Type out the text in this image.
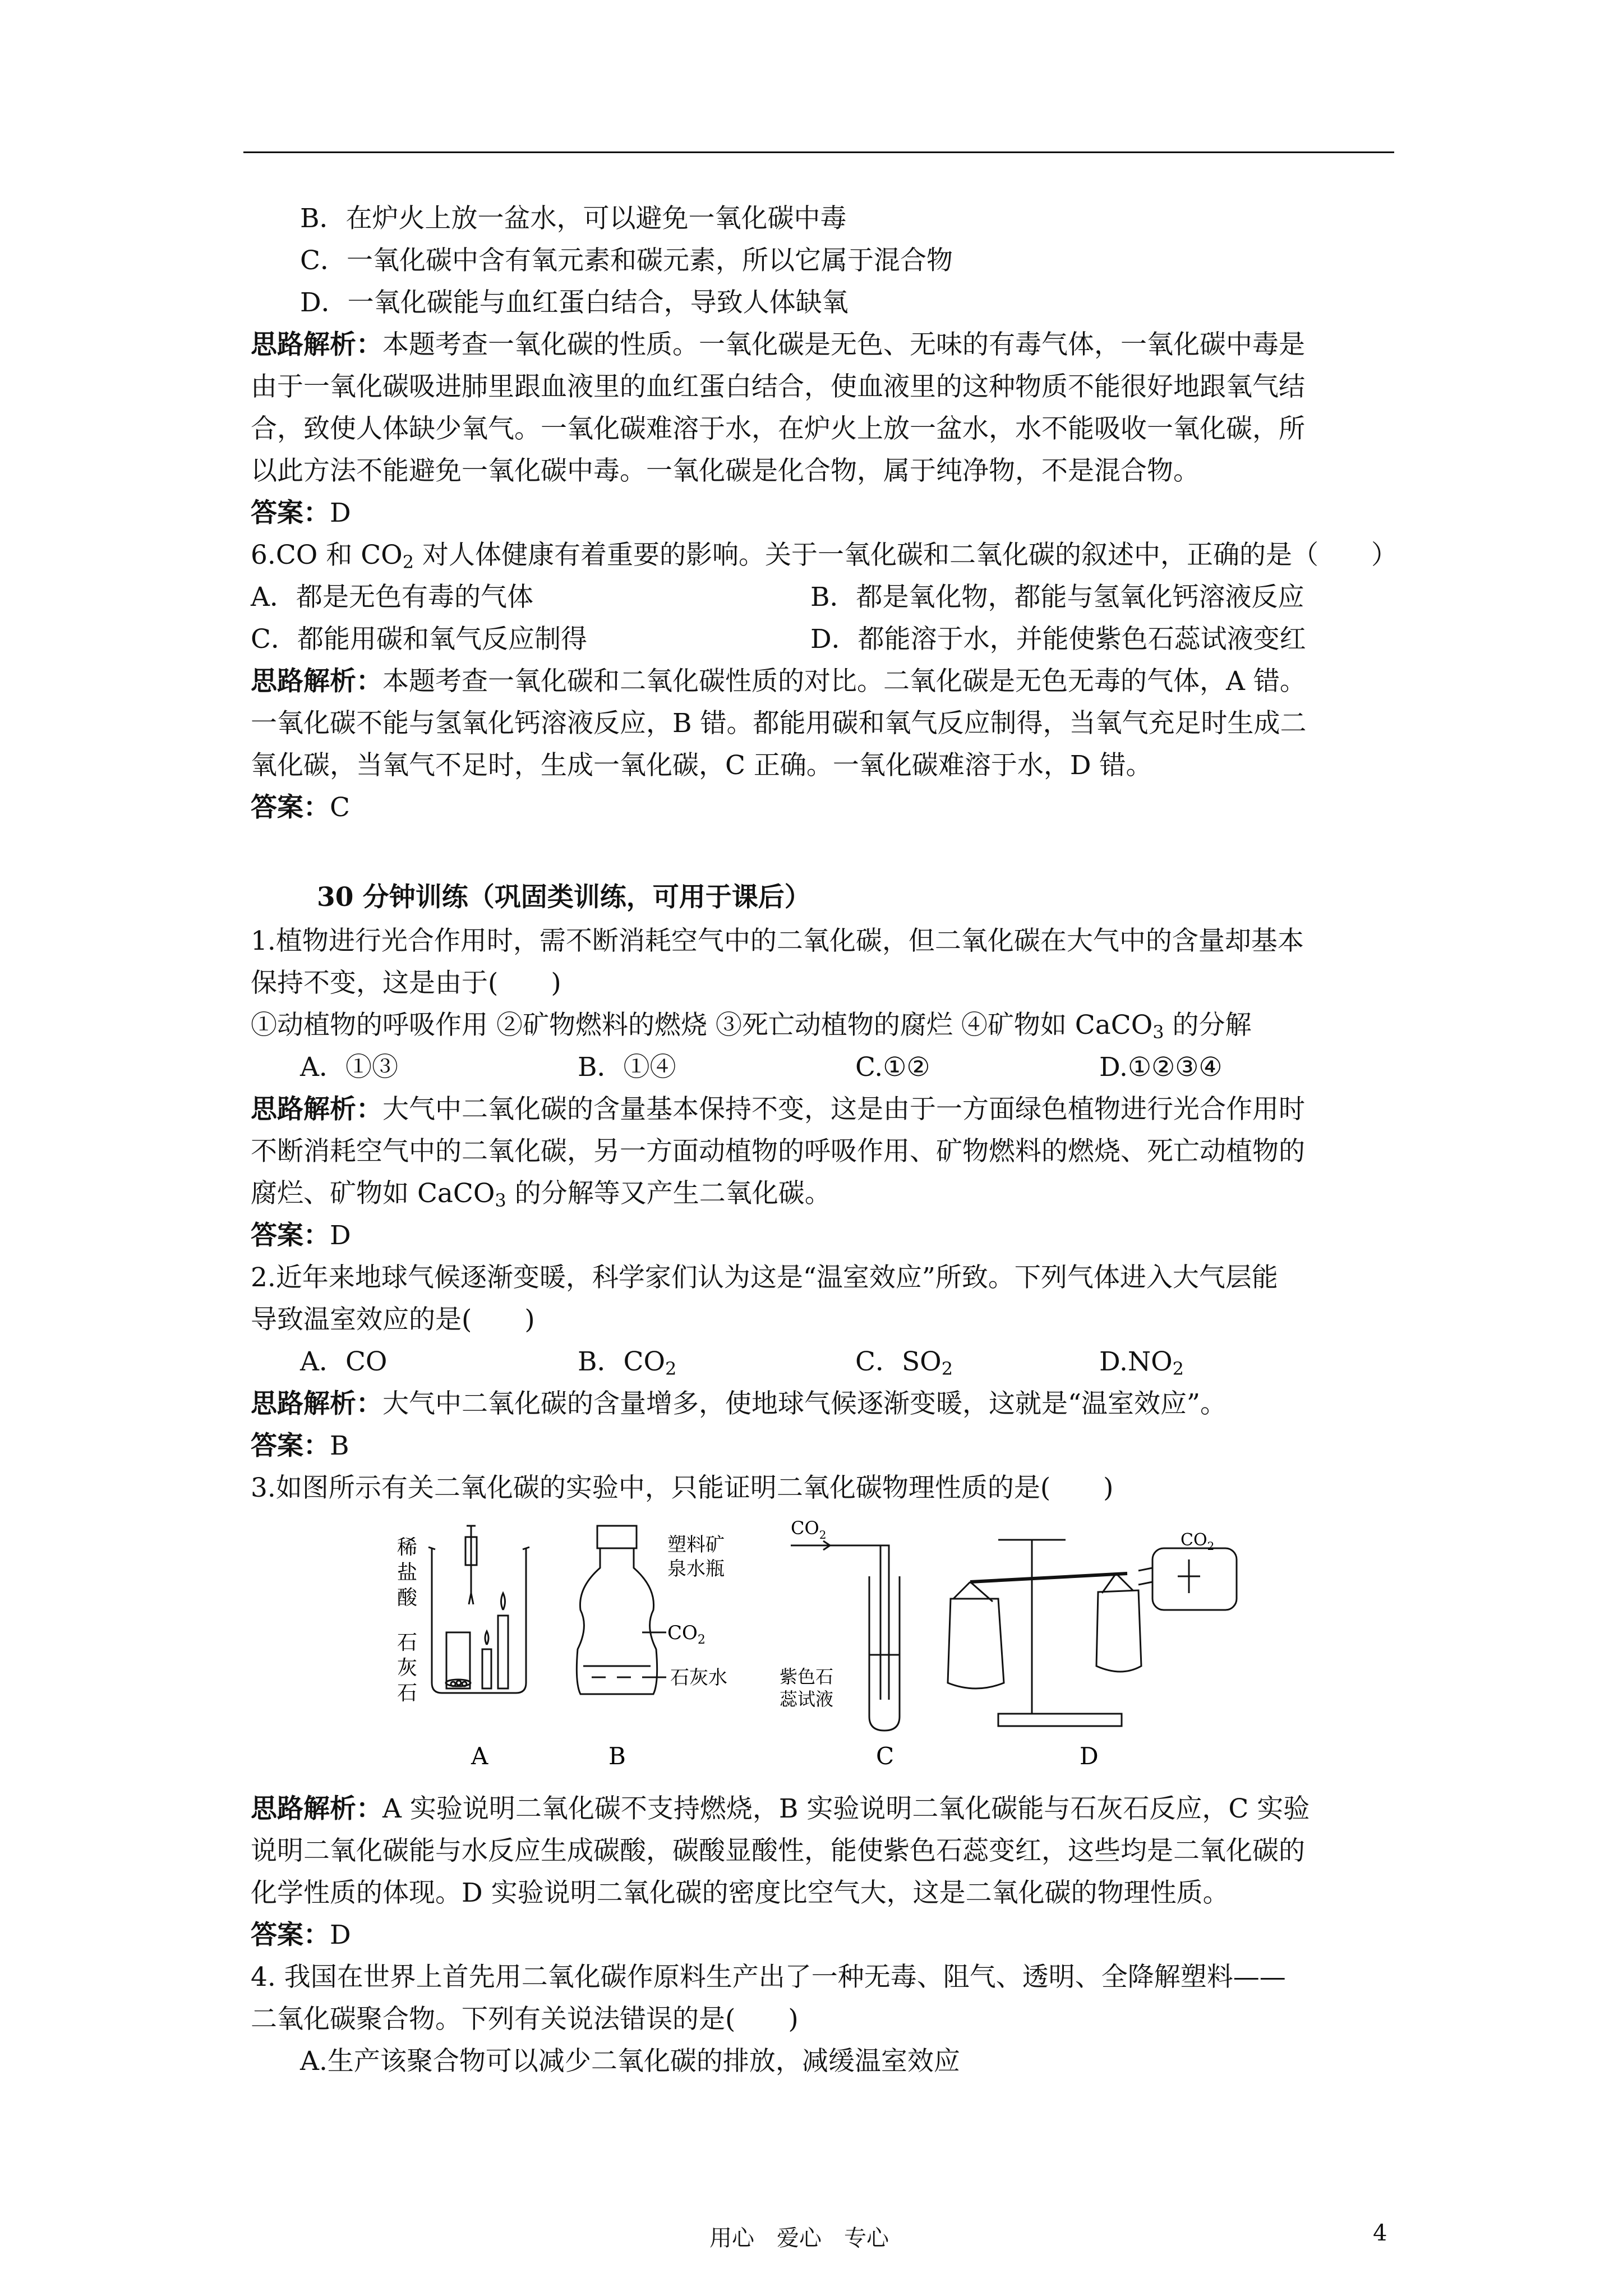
B．在炉火上放一盆水，可以避免一氧化碳中毒
C．一氧化碳中含有氧元素和碳元素，所以它属于混合物
D．一氧化碳能与血红蛋白结合，导致人体缺氧
思路解析：本题考查一氧化碳的性质。一氧化碳是无色、无味的有毒气体，一氧化碳中毒是
由于一氧化碳吸进肺里跟血液里的血红蛋白结合，使血液里的这种物质不能很好地跟氧气结
合，致使人体缺少氧气。一氧化碳难溶于水，在炉火上放一盆水，水不能吸收一氧化碳，所
以此方法不能避免一氧化碳中毒。一氧化碳是化合物，属于纯净物，不是混合物。
答案：D
6.CO 和 $CO_2$ 对人体健康有着重要的影响。关于一氧化碳和二氧化碳的叙述中，正确的是（　　）
A．都是无色有毒的气体	B．都是氧化物，都能与氢氧化钙溶液反应
C．都能用碳和氧气反应制得	D．都能溶于水，并能使紫色石蕊试液变红
思路解析：本题考查一氧化碳和二氧化碳性质的对比。二氧化碳是无色无毒的气体，A 错。
一氧化碳不能与氢氧化钙溶液反应，B 错。都能用碳和氧气反应制得，当氧气充足时生成二
氧化碳，当氧气不足时，生成一氧化碳，C 正确。一氧化碳难溶于水，D 错。
答案：C
30 分钟训练（巩固类训练，可用于课后）
1.植物进行光合作用时，需不断消耗空气中的二氧化碳，但二氧化碳在大气中的含量却基本
保持不变，这是由于(　　)
①动植物的呼吸作用 ②矿物燃料的燃烧 ③死亡动植物的腐烂 ④矿物如 CaCO$_3$ 的分解
A．①③	B．①④	C.①②	D.①②③④
思路解析：大气中二氧化碳的含量基本保持不变，这是由于一方面绿色植物进行光合作用时
不断消耗空气中的二氧化碳，另一方面动植物的呼吸作用、矿物燃料的燃烧、死亡动植物的
腐烂、矿物如 CaCO$_3$ 的分解等又产生二氧化碳。
答案：D
2.近年来地球气候逐渐变暖，科学家们认为这是“温室效应”所致。下列气体进入大气层能
导致温室效应的是(　　)
A．CO	B．$CO_2$	C．$SO_2$	$D.NO_2$
思路解析：大气中二氧化碳的含量增多，使地球气候逐渐变暖，这就是“温室效应”。
答案：B
3.如图所示有关二氧化碳的实验中，只能证明二氧化碳物理性质的是(　　)
稀
盐
酸
石
灰
石
A
塑料矿
泉水瓶
$CO_2$
石灰水
B
$CO_2$
紫色石
蕊试液
C
$CO_2$
D
思路解析：A 实验说明二氧化碳不支持燃烧，B 实验说明二氧化碳能与石灰石反应，C 实验
说明二氧化碳能与水反应生成碳酸，碳酸显酸性，能使紫色石蕊变红，这些均是二氧化碳的
化学性质的体现。D 实验说明二氧化碳的密度比空气大，这是二氧化碳的物理性质。
答案：D
4. 我国在世界上首先用二氧化碳作原料生产出了一种无毒、阻气、透明、全降解塑料——
二氧化碳聚合物。下列有关说法错误的是(　　)
A.生产该聚合物可以减少二氧化碳的排放，减缓温室效应
用心　爱心　专心	4
